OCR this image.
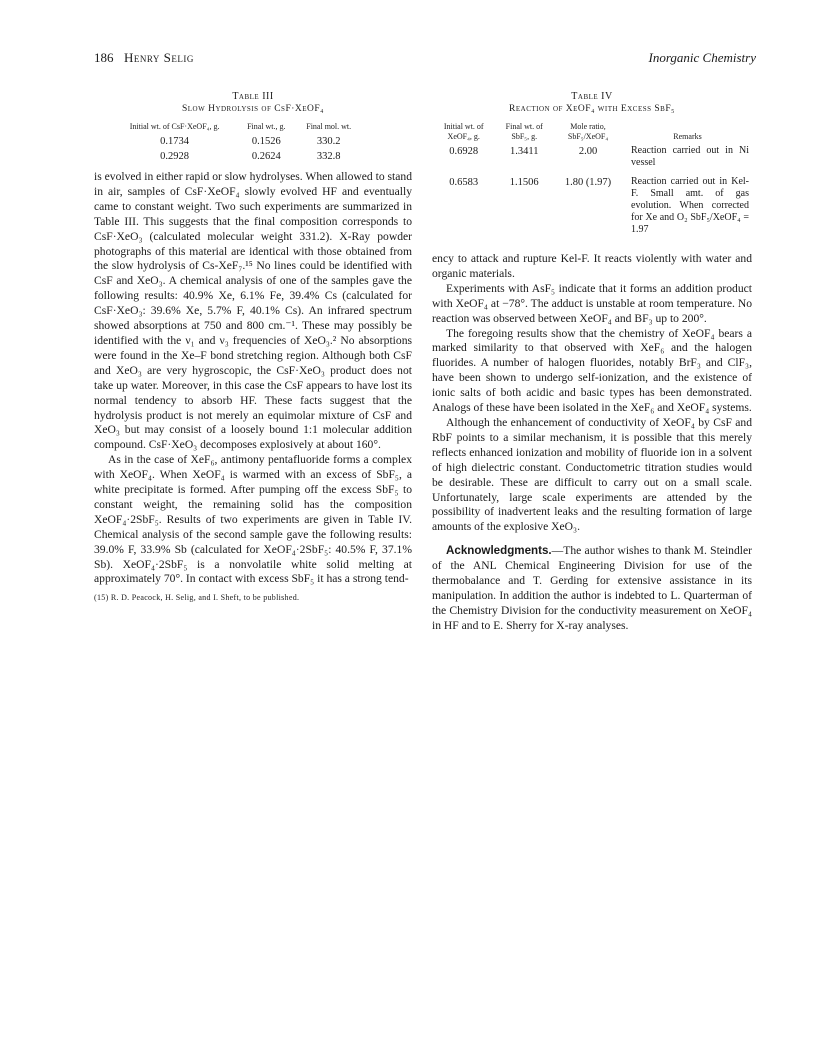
186 Henry Selig	Inorganic Chemistry
Table III
Slow Hydrolysis of CsF·XeOF₄
Initial wt. of CsF·XeOF₄, g.	Final wt., g.	Final mol. wt.
0.1734	0.1526	330.2
0.2928	0.2624	332.8

is evolved in either rapid or slow hydrolyses. When allowed to stand in air, samples of CsF·XeOF₄ slowly evolved HF and eventually came to constant weight. Two such experiments are summarized in Table III. This suggests that the final composition corresponds to CsF·XeO₃ (calculated molecular weight 331.2). X-Ray powder photographs of this material are identical with those obtained from the slow hydrolysis of Cs-XeF₇.¹⁵ No lines could be identified with CsF and XeO₃. A chemical analysis of one of the samples gave the following results: 40.9% Xe, 6.1% Fe, 39.4% Cs (calculated for CsF·XeO₃: 39.6% Xe, 5.7% F, 40.1% Cs). An infrared spectrum showed absorptions at 750 and 800 cm.⁻¹. These may possibly be identified with the ν₁ and ν₃ frequencies of XeO₃.² No absorptions were found in the Xe–F bond stretching region. Although both CsF and XeO₃ are very hygroscopic, the CsF·XeO₃ product does not take up water. Moreover, in this case the CsF appears to have lost its normal tendency to absorb HF. These facts suggest that the hydrolysis product is not merely an equimolar mixture of CsF and XeO₃ but may consist of a loosely bound 1:1 molecular addition compound. CsF·XeO₃ decomposes explosively at about 160°.

As in the case of XeF₆, antimony pentafluoride forms a complex with XeOF₄. When XeOF₄ is warmed with an excess of SbF₅, a white precipitate is formed. After pumping off the excess SbF₅ to constant weight, the remaining solid has the composition XeOF₄·2SbF₅. Results of two experiments are given in Table IV. Chemical analysis of the second sample gave the following results: 39.0% F, 33.9% Sb (calculated for XeOF₄·2SbF₅: 40.5% F, 37.1% Sb). XeOF₄·2SbF₅ is a nonvolatile white solid melting at approximately 70°. In contact with excess SbF₅ it has a strong tend-

(15) R. D. Peacock, H. Selig, and I. Sheft, to be published.
Table IV
Reaction of XeOF₄ with Excess SbF₅
Initial wt. of XeOF₄, g.	Final wt. of SbF₅, g.	Mole ratio, SbF₅/XeOF₄	Remarks
0.6928	1.3411	2.00	Reaction carried out in Ni vessel
0.6583	1.1506	1.80 (1.97)	Reaction carried out in Kel-F. Small amt. of gas evolution. When corrected for Xe and O₂ SbF₅/XeOF₄ = 1.97

ency to attack and rupture Kel-F. It reacts violently with water and organic materials.

Experiments with AsF₅ indicate that it forms an addition product with XeOF₄ at −78°. The adduct is unstable at room temperature. No reaction was observed between XeOF₄ and BF₃ up to 200°.

The foregoing results show that the chemistry of XeOF₄ bears a marked similarity to that observed with XeF₆ and the halogen fluorides. A number of halogen fluorides, notably BrF₃ and ClF₃, have been shown to undergo self-ionization, and the existence of ionic salts of both acidic and basic types has been demonstrated. Analogs of these have been isolated in the XeF₆ and XeOF₄ systems.

Although the enhancement of conductivity of XeOF₄ by CsF and RbF points to a similar mechanism, it is possible that this merely reflects enhanced ionization and mobility of fluoride ion in a solvent of high dielectric constant. Conductometric titration studies would be desirable. These are difficult to carry out on a small scale. Unfortunately, large scale experiments are attended by the possibility of inadvertent leaks and the resulting formation of large amounts of the explosive XeO₃.

Acknowledgments.—The author wishes to thank M. Steindler of the ANL Chemical Engineering Division for use of the thermobalance and T. Gerding for extensive assistance in its manipulation. In addition the author is indebted to L. Quarterman of the Chemistry Division for the conductivity measurement on XeOF₄ in HF and to E. Sherry for X-ray analyses.
